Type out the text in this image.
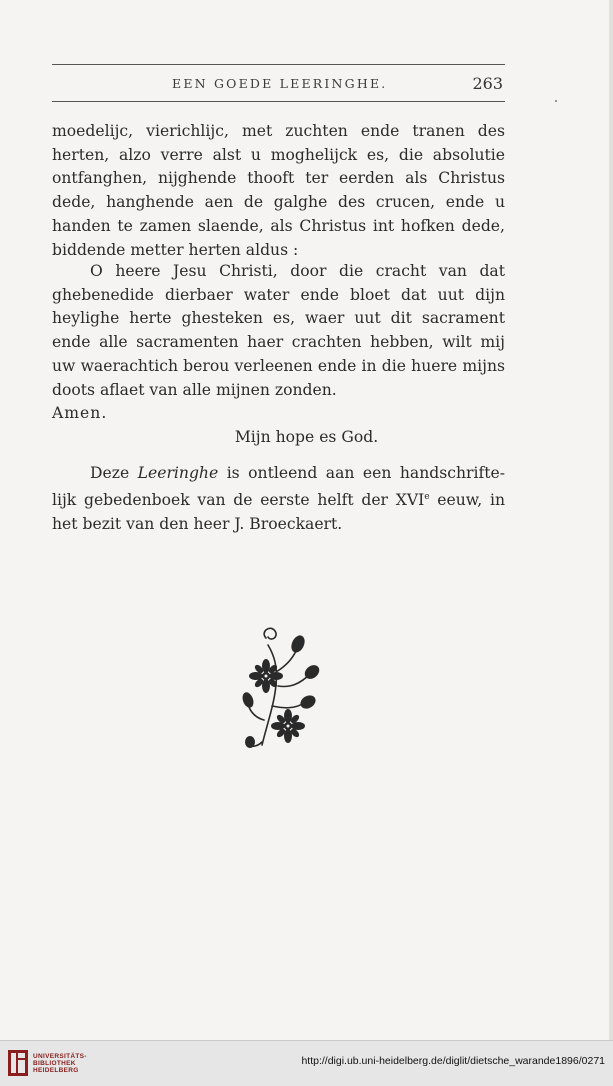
EEN GOEDE LEERINGHE.	263

moedelijc, vierichlijc, met zuchten ende tranen des herten, alzo verre alst u moghelijck es, die absolutie ontfanghen, nijghende thooft ter eerden als Christus dede, hanghende aen de galghe des crucen, ende u handen te zamen slaende, als Christus int hofken dede, biddende metter herten aldus :

O heere Jesu Christi, door die cracht van dat ghebenedide dierbaer water ende bloet dat uut dijn heylighe herte ghesteken es, waer uut dit sacrament ende alle sacramenten haer crachten hebben, wilt mij uw waerachtich berou verleenen ende in die huere mijns doots aflaet van alle mijnen zonden.

Amen.
Mijn hope es God.

Deze Leeringhe is ontleend aan een handschrifte-lijk gebedenboek van de eerste helft der XVIe eeuw, in het bezit van den heer J. Broeckaert.

UNIVERSITÄTS-
BIBLIOTHEK
HEIDELBERG
http://digi.ub.uni-heidelberg.de/diglit/dietsche_warande1896/0271
